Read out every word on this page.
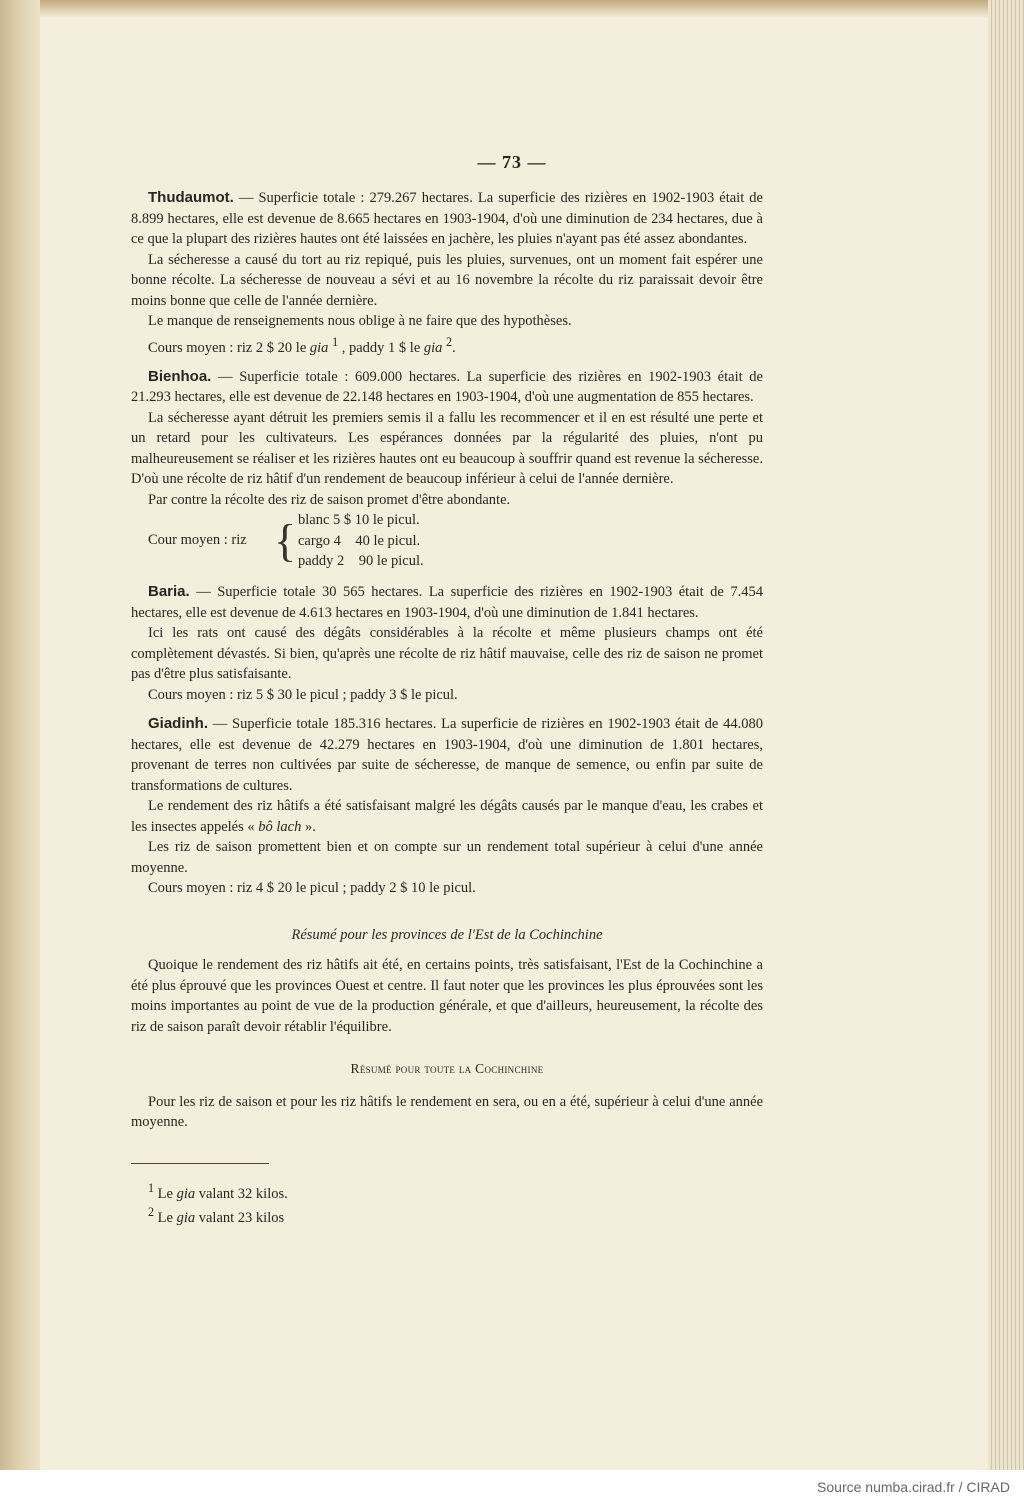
— 73 —

Thudaumot. — Superficie totale : 279.267 hectares. La superficie des rizières en 1902-1903 était de 8.899 hectares, elle est devenue de 8.665 hectares en 1903-1904, d'où une diminution de 234 hectares, due à ce que la plupart des rizières hautes ont été laissées en jachère, les pluies n'ayant pas été assez abondantes.

La sécheresse a causé du tort au riz repiqué, puis les pluies, survenues, ont un moment fait espérer une bonne récolte. La sécheresse de nouveau a sévi et au 16 novembre la récolte du riz paraissait devoir être moins bonne que celle de l'année dernière.

Le manque de renseignements nous oblige à ne faire que des hypothèses.

Cours moyen : riz 2 $ 20 le gia $^1$ , paddy 1 $ le gia $^2$.

Bienhoa. — Superficie totale : 609.000 hectares. La superficie des rizières en 1902-1903 était de 21.293 hectares, elle est devenue de 22.148 hectares en 1903-1904, d'où une augmentation de 855 hectares.

La sécheresse ayant détruit les premiers semis il a fallu les recommencer et il en est résulté une perte et un retard pour les cultivateurs. Les espérances données par la régularité des pluies, n'ont pu malheureusement se réaliser et les rizières hautes ont eu beaucoup à souffrir quand est revenue la sécheresse. D'où une récolte de riz hâtif d'un rendement de beaucoup inférieur à celui de l'année dernière.

Par contre la récolte des riz de saison promet d'être abondante.

Cour moyen : riz { blanc 5 $ 10 le picul.
cargo 4    40 le picul.
paddy 2    90 le picul.

Baria. — Superficie totale 30 565 hectares. La superficie des rizières en 1902-1903 était de 7.454 hectares, elle est devenue de 4.613 hectares en 1903-1904, d'où une diminution de 1.841 hectares.

Ici les rats ont causé des dégâts considérables à la récolte et même plusieurs champs ont été complètement dévastés. Si bien, qu'après une récolte de riz hâtif mauvaise, celle des riz de saison ne promet pas d'être plus satisfaisante.

Cours moyen : riz 5 $ 30 le picul ; paddy 3 $ le picul.

Giadinh. — Superficie totale 185.316 hectares. La superficie de rizières en 1902-1903 était de 44.080 hectares, elle est devenue de 42.279 hectares en 1903-1904, d'où une diminution de 1.801 hectares, provenant de terres non cultivées par suite de sécheresse, de manque de semence, ou enfin par suite de transformations de cultures.

Le rendement des riz hâtifs a été satisfaisant malgré les dégâts causés par le manque d'eau, les crabes et les insectes appelés « bô lach ».

Les riz de saison promettent bien et on compte sur un rendement total supérieur à celui d'une année moyenne.

Cours moyen : riz 4 $ 20 le picul ; paddy 2 $ 10 le picul.

Résumé pour les provinces de l'Est de la Cochinchine

Quoique le rendement des riz hâtifs ait été, en certains points, très satisfaisant, l'Est de la Cochinchine a été plus éprouvé que les provinces Ouest et centre. Il faut noter que les provinces les plus éprouvées sont les moins importantes au point de vue de la production générale, et que d'ailleurs, heureusement, la récolte des riz de saison paraît devoir rétablir l'équilibre.

Résumé pour toute la Cochinchine

Pour les riz de saison et pour les riz hâtifs le rendement en sera, ou en a été, supérieur à celui d'une année moyenne.

$^1$ Le gia valant 32 kilos.
$^2$ Le gia valant 23 kilos
Source numba.cirad.fr / CIRAD
